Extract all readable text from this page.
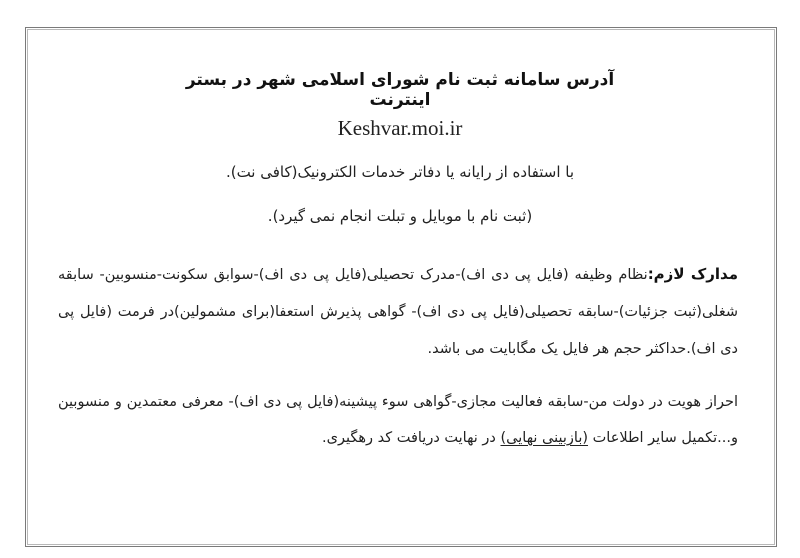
آدرس سامانه ثبت نام شورای اسلامی شهر در بستر اینترنت
Keshvar.moi.ir
با استفاده از رایانه یا دفاتر خدمات الکترونیک(کافی نت).
(ثبت نام با موبایل و تبلت انجام نمی گیرد).
مدارک لازم:نظام وظیفه (فایل پی دی اف)-مدرک تحصیلی(فایل پی دی اف)-سوابق سکونت-منسوبین- سابقه شغلی(ثبت جزئیات)-سابقه تحصیلی(فایل پی دی اف)- گواهی پذیرش استعفا(برای مشمولین)در فرمت (فایل پی دی اف).حداکثر حجم هر فایل یک مگابایت می باشد.
احراز هویت در دولت من-سابقه فعالیت مجازی-گواهی سوء پیشینه(فایل پی دی اف)- معرفی معتمدین و منسوبین و...تکمیل سایر اطلاعات (بازبینی نهایی) در نهایت دریافت کد رهگیری.
